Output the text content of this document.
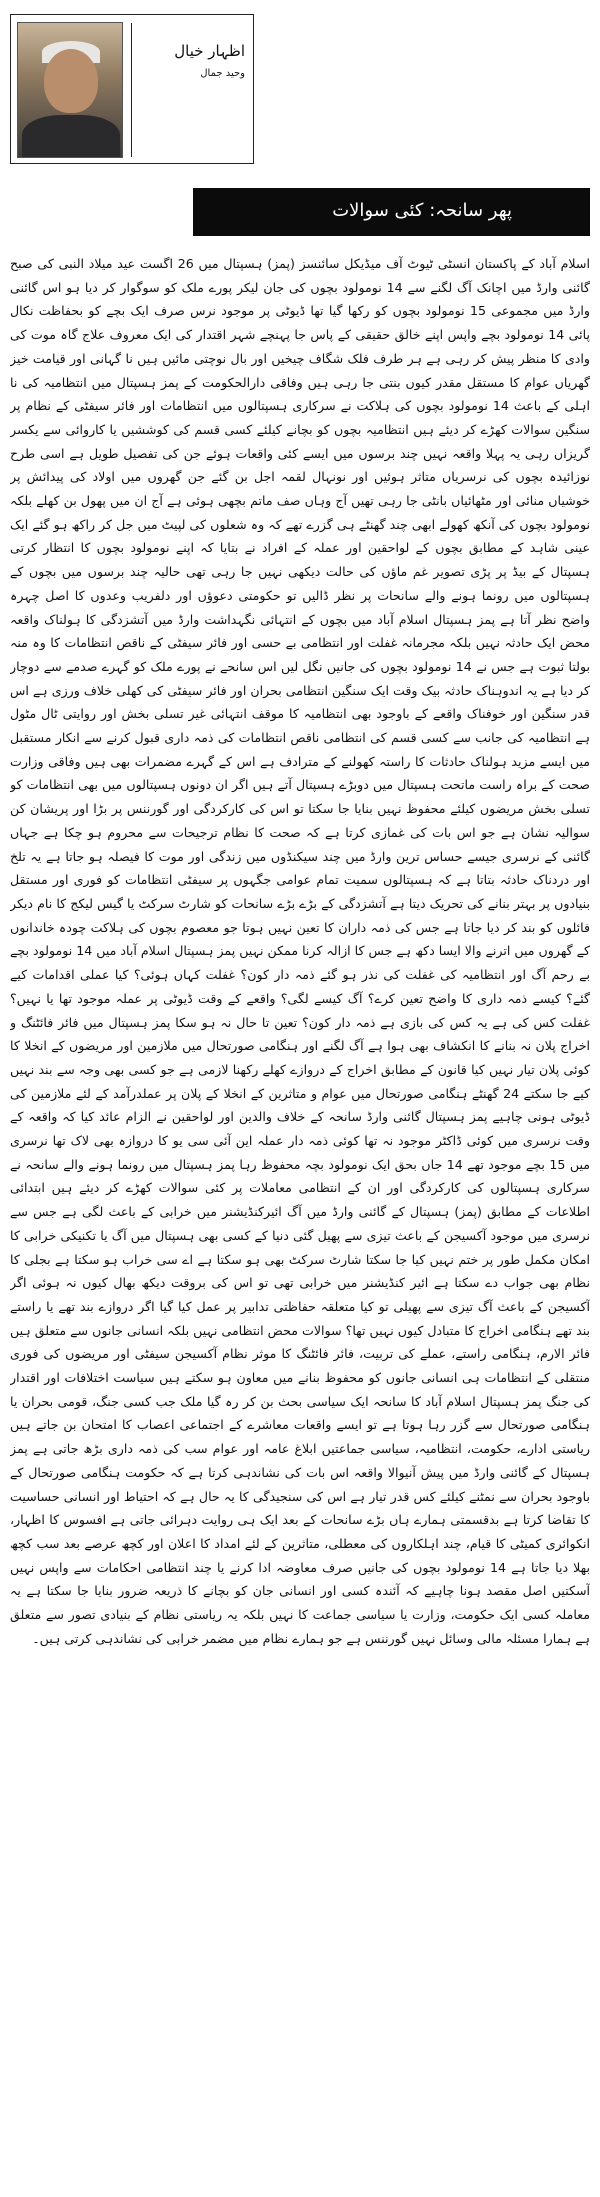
اظہار خیال
وحید جمال
پھر سانحہ: کئی سوالات

اسلام آباد کے پاکستان انسٹی ٹیوٹ آف میڈیکل سائنسز (پمز) ہسپتال میں 26 اگست عید میلاد النبی کی صبح گائنی وارڈ میں اچانک آگ لگنے سے 14 نومولود بچوں کی جان لیکر پورے ملک کو سوگوار کر دیا ہو اس گائنی وارڈ میں مجموعی 15 نومولود بچوں کو رکھا گیا تھا ڈیوٹی پر موجود نرس صرف ایک بچے کو بحفاظت نکال پائی 14 نومولود بچے واپس اپنے خالق حقیقی کے پاس جا پہنچے شہر اقتدار کی ایک معروف علاج گاہ موت کی وادی کا منظر پیش کر رہی ہے ہر طرف فلک شگاف چیخیں اور بال نوچتی مائیں ہیں نا گہانی اور قیامت خیز گھریاں عوام کا مستقل مقدر کیوں بنتی جا رہی ہیں وفاقی دارالحکومت کے پمز ہسپتال میں انتظامیہ کی نا اہلی کے باعث 14 نومولود بچوں کی ہلاکت نے سرکاری ہسپتالوں میں انتظامات اور فائر سیفٹی کے نظام پر سنگین سوالات کھڑے کر دیئے ہیں انتظامیہ بچوں کو بچانے کیلئے کسی قسم کی کوششیں یا کاروائی سے یکسر گریزاں رہی یہ پہلا واقعہ نہیں چند برسوں میں ایسے کئی واقعات ہوئے جن کی تفصیل طویل ہے اسی طرح نوزائیدہ بچوں کی نرسریاں متاثر ہوئیں اور نونہال لقمہ اجل بن گئے جن گھروں میں اولاد کی پیدائش پر خوشیاں منائی اور مٹھائیاں بانٹی جا رہی تھیں آج وہاں صف ماتم بچھی ہوئی ہے آج ان میں پھول بن کھلے بلکہ نومولود بچوں کی آنکھ کھولے ابھی چند گھنٹے ہی گزرے تھے کہ وہ شعلوں کی لپیٹ میں جل کر راکھ ہو گئے ایک عینی شاہد کے مطابق بچوں کے لواحقین اور عملہ کے افراد نے بتایا کہ اپنے نومولود بچوں کا انتظار کرتی ہسپتال کے بیڈ پر پڑی تصویر غم ماؤں کی حالت دیکھی نہیں جا رہی تھی حالیہ چند برسوں میں بچوں کے ہسپتالوں میں رونما ہونے والے سانحات پر نظر ڈالیں تو حکومتی دعوؤں اور دلفریب وعدوں کا اصل چہرہ واضح نظر آتا ہے پمز ہسپتال اسلام آباد میں بچوں کے انتہائی نگہداشت وارڈ میں آتشزدگی کا ہولناک واقعہ محض ایک حادثہ نہیں بلکہ مجرمانہ غفلت اور انتظامی بے حسی اور فائر سیفٹی کے ناقص انتظامات کا وہ منہ بولتا ثبوت ہے جس نے 14 نومولود بچوں کی جانیں نگل لیں اس سانحے نے پورے ملک کو گہرے صدمے سے دوچار کر دیا ہے یہ اندوہناک حادثہ بیک وقت ایک سنگین انتظامی بحران اور فائر سیفٹی کی کھلی خلاف ورزی ہے اس قدر سنگین اور خوفناک واقعے کے باوجود بھی انتظامیہ کا موقف انتہائی غیر تسلی بخش اور روایتی ٹال مٹول ہے انتظامیہ کی جانب سے کسی قسم کی انتظامی ناقص انتظامات کی ذمہ داری قبول کرنے سے انکار مستقبل میں ایسے مزید ہولناک حادثات کا راستہ کھولنے کے مترادف ہے اس کے گہرے مضمرات بھی ہیں وفاقی وزارت صحت کے براہ راست ماتحت ہسپتال میں دوبڑے ہسپتال آتے ہیں اگر ان دونوں ہسپتالوں میں بھی انتظامات کو تسلی بخش مریضوں کیلئے محفوظ نہیں بنایا جا سکتا تو اس کی کارکردگی اور گورننس پر بڑا اور پریشان کن سوالیہ نشان ہے جو اس بات کی غمازی کرتا ہے کہ صحت کا نظام ترجیحات سے محروم ہو چکا ہے جہاں گائنی کے نرسری جیسے حساس ترین وارڈ میں چند سیکنڈوں میں زندگی اور موت کا فیصلہ ہو جاتا ہے یہ تلخ اور دردناک حادثہ بتاتا ہے کہ ہسپتالوں سمیت تمام عوامی جگہوں پر سیفٹی انتظامات کو فوری اور مستقل بنیادوں پر بہتر بنانے کی تحریک دیتا ہے آتشزدگی کے بڑے بڑے سانحات کو شارٹ سرکٹ یا گیس لیکج کا نام دیکر فائلوں کو بند کر دیا جاتا ہے جس کی ذمہ داران کا تعین نہیں ہوتا جو معصوم بچوں کی ہلاکت چودہ خاندانوں کے گھروں میں اترنے والا ایسا دکھ ہے جس کا ازالہ کرنا ممکن نہیں پمز ہسپتال اسلام آباد میں 14 نومولود بچے بے رحم آگ اور انتظامیہ کی غفلت کی نذر ہو گئے ذمہ دار کون؟ غفلت کہاں ہوئی؟ کیا عملی اقدامات کیے گئے؟ کیسے ذمہ داری کا واضح تعین کرے؟ آگ کیسے لگی؟ واقعے کے وقت ڈیوٹی پر عملہ موجود تھا یا نہیں؟ غفلت کس کی ہے یہ کس کی بازی ہے ذمہ دار کون؟ تعین تا حال نہ ہو سکا پمز ہسپتال میں فائر فائٹنگ و اخراج پلان نہ بنانے کا انکشاف بھی ہوا ہے آگ لگنے اور ہنگامی صورتحال میں ملازمین اور مریضوں کے انخلا کا کوئی پلان تیار نہیں کیا قانون کے مطابق اخراج کے دروازے کھلے رکھنا لازمی ہے جو کسی بھی وجہ سے بند نہیں کیے جا سکتے 24 گھنٹے ہنگامی صورتحال میں عوام و متاثرین کے انخلا کے پلان پر عملدرآمد کے لئے ملازمین کی ڈیوٹی ہونی چاہیے پمز ہسپتال گائنی وارڈ سانحہ کے خلاف والدین اور لواحقین نے الزام عائد کیا کہ واقعہ کے وقت نرسری میں کوئی ڈاکٹر موجود نہ تھا کوئی ذمہ دار عملہ این آئی سی یو کا دروازہ بھی لاک تھا نرسری میں 15 بچے موجود تھے 14 جاں بحق ایک نومولود بچہ محفوظ رہا پمز ہسپتال میں رونما ہونے والے سانحہ نے سرکاری ہسپتالوں کی کارکردگی اور ان کے انتظامی معاملات پر کئی سوالات کھڑے کر دیئے ہیں ابتدائی اطلاعات کے مطابق (پمز) ہسپتال کے گائنی وارڈ میں آگ ائیرکنڈیشنر میں خرابی کے باعث لگی ہے جس سے نرسری میں موجود آکسیجن کے باعث تیزی سے پھیل گئی دنیا کے کسی بھی ہسپتال میں آگ یا تکنیکی خرابی کا امکان مکمل طور پر ختم نہیں کیا جا سکتا شارٹ سرکٹ بھی ہو سکتا ہے اے سی خراب ہو سکتا ہے بجلی کا نظام بھی جواب دے سکتا ہے ائیر کنڈیشنر میں خرابی تھی تو اس کی بروقت دیکھ بھال کیوں نہ ہوئی اگر آکسیجن کے باعث آگ تیزی سے پھیلی تو کیا متعلقہ حفاظتی تدابیر پر عمل کیا گیا اگر دروازے بند تھے یا راستے بند تھے ہنگامی اخراج کا متبادل کیوں نہیں تھا؟ سوالات محض انتظامی نہیں بلکہ انسانی جانوں سے متعلق ہیں فائر الارم، ہنگامی راستے، عملے کی تربیت، فائر فائٹنگ کا موثر نظام آکسیجن سیفٹی اور مریضوں کی فوری منتقلی کے انتظامات ہی انسانی جانوں کو محفوظ بنانے میں معاون ہو سکتے ہیں سیاست اختلافات اور اقتدار کی جنگ پمز ہسپتال اسلام آباد کا سانحہ ایک سیاسی بحث بن کر رہ گیا ملک جب کسی جنگ، قومی بحران یا ہنگامی صورتحال سے گزر رہا ہوتا ہے تو ایسے واقعات معاشرے کے اجتماعی اعصاب کا امتحان بن جاتے ہیں ریاستی ادارے، حکومت، انتظامیہ، سیاسی جماعتیں ابلاغ عامہ اور عوام سب کی ذمہ داری بڑھ جاتی ہے پمز ہسپتال کے گائنی وارڈ میں پیش آنیوالا واقعہ اس بات کی نشاندہی کرتا ہے کہ حکومت ہنگامی صورتحال کے باوجود بحران سے نمٹنے کیلئے کس قدر تیار ہے اس کی سنجیدگی کا یہ حال ہے کہ احتیاط اور انسانی حساسیت کا تقاضا کرتا ہے بدقسمتی ہمارے ہاں بڑے سانحات کے بعد ایک ہی روایت دہرائی جاتی ہے افسوس کا اظہار، انکوائری کمیٹی کا قیام، چند اہلکاروں کی معطلی، متاثرین کے لئے امداد کا اعلان اور کچھ عرصے بعد سب کچھ بھلا دیا جاتا ہے 14 نومولود بچوں کی جانیں صرف معاوضہ ادا کرنے یا چند انتظامی احکامات سے واپس نہیں آسکتیں اصل مقصد ہونا چاہیے کہ آئندہ کسی اور انسانی جان کو بچانے کا ذریعہ ضرور بنایا جا سکتا ہے یہ معاملہ کسی ایک حکومت، وزارت یا سیاسی جماعت کا نہیں بلکہ یہ ریاستی نظام کے بنیادی تصور سے متعلق ہے ہمارا مسئلہ مالی وسائل نہیں گورننس ہے جو ہمارے نظام میں مضمر خرابی کی نشاندہی کرتی ہیں۔
